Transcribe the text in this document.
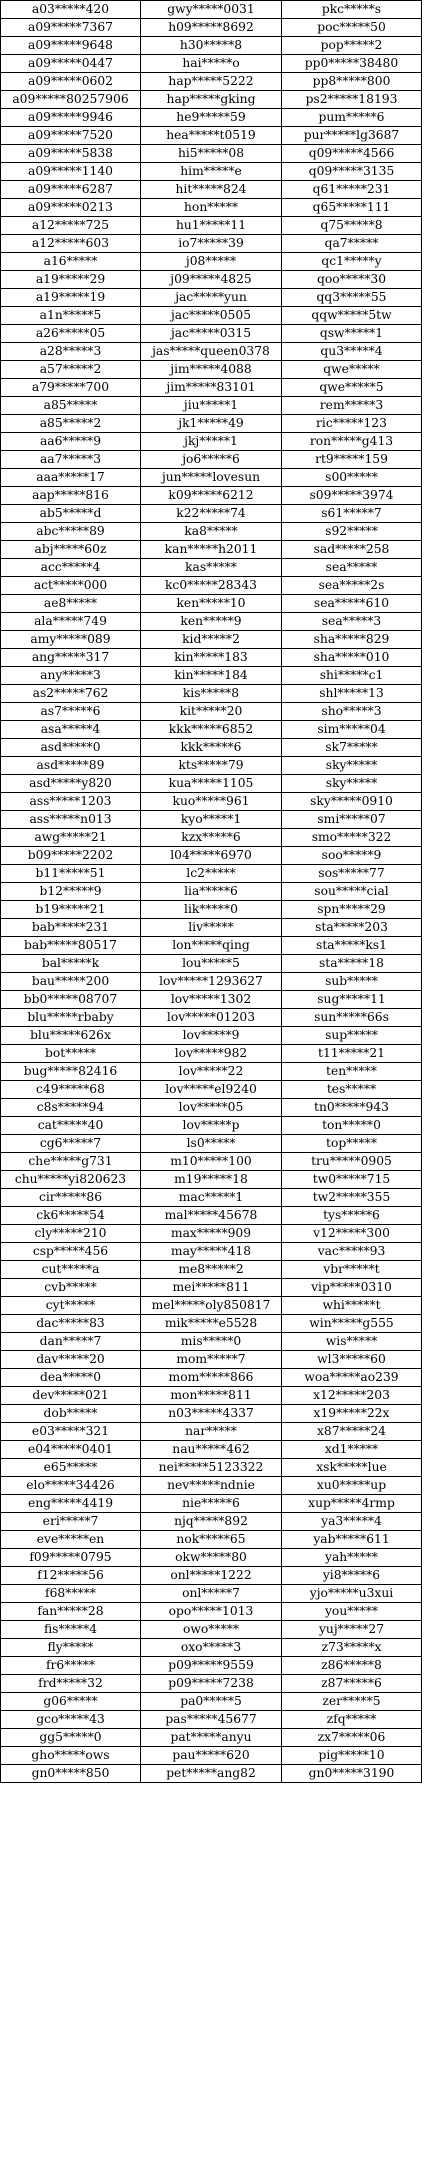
a03*****420	gwy*****0031	pkc*****s
a09*****7367	h09*****8692	poc*****50
a09*****9648	h30*****8	pop*****2
a09*****0447	hai*****o	pp0*****38480
a09*****0602	hap*****5222	pp8*****800
a09*****80257906	hap*****gking	ps2*****18193
a09*****9946	he9*****59	pum*****6
a09*****7520	hea*****t0519	pur*****lg3687
a09*****5838	hi5*****08	q09*****4566
a09*****1140	him*****e	q09*****3135
a09*****6287	hit*****824	q61*****231
a09*****0213	hon*****	q65*****111
a12*****725	hu1*****11	q75*****8
a12*****603	io7*****39	qa7*****
a16*****	j08*****	qc1*****y
a19*****29	j09*****4825	qoo*****30
a19*****19	jac*****yun	qq3*****55
a1n*****5	jac*****0505	qqw*****5tw
a26*****05	jac*****0315	qsw*****1
a28*****3	jas*****queen0378	qu3*****4
a57*****2	jim*****4088	qwe*****
a79*****700	jim*****83101	qwe*****5
a85*****	jiu*****1	rem*****3
a85*****2	jk1*****49	ric*****123
aa6*****9	jkj*****1	ron*****g413
aa7*****3	jo6*****6	rt9*****159
aaa*****17	jun*****lovesun	s00*****
aap*****816	k09*****6212	s09*****3974
ab5*****d	k22*****74	s61*****7
abc*****89	ka8*****	s92*****
abj*****60z	kan*****h2011	sad*****258
acc*****4	kas*****	sea*****
act*****000	kc0*****28343	sea*****2s
ae8*****	ken*****10	sea*****610
ala*****749	ken*****9	sea*****3
amy*****089	kid*****2	sha*****829
ang*****317	kin*****183	sha*****010
any*****3	kin*****184	shi*****c1
as2*****762	kis*****8	shl*****13
as7*****6	kit*****20	sho*****3
asa*****4	kkk*****6852	sim*****04
asd*****0	kkk*****6	sk7*****
asd*****89	kts*****79	sky*****
asd*****y820	kua*****1105	sky*****
ass*****1203	kuo*****961	sky*****0910
ass*****n013	kyo*****1	smi*****07
awg*****21	kzx*****6	smo*****322
b09*****2202	l04*****6970	soo*****9
b11*****51	lc2*****	sos*****77
b12*****9	lia*****6	sou*****cial
b19*****21	lik*****0	spn*****29
bab*****231	liv*****	sta*****203
bab*****80517	lon*****qing	sta*****ks1
bal*****k	lou*****5	sta*****18
bau*****200	lov*****1293627	sub*****
bb0*****08707	lov*****1302	sug*****11
blu*****rbaby	lov*****01203	sun*****66s
blu*****626x	lov*****9	sup*****
bot*****	lov*****982	t11*****21
bug*****82416	lov*****22	ten*****
c49*****68	lov*****el9240	tes*****
c8s*****94	lov*****05	tn0*****943
cat*****40	lov*****p	ton*****0
cg6*****7	ls0*****	top*****
che*****g731	m10*****100	tru*****0905
chu*****yi820623	m19*****18	tw0*****715
cir*****86	mac*****1	tw2*****355
ck6*****54	mal*****45678	tys*****6
cly*****210	max*****909	v12*****300
csp*****456	may*****418	vac*****93
cut*****a	me8*****2	vbr*****t
cvb*****	mei*****811	vip*****0310
cyt*****	mel*****oly850817	whi*****t
dac*****83	mik*****e5528	win*****g555
dan*****7	mis*****0	wis*****
dav*****20	mom*****7	wl3*****60
dea*****0	mom*****866	woa*****ao239
dev*****021	mon*****811	x12*****203
dob*****	n03*****4337	x19*****22x
e03*****321	nar*****	x87*****24
e04*****0401	nau*****462	xd1*****
e65*****	nei*****5123322	xsk*****lue
elo*****34426	nev*****ndnie	xu0*****up
eng*****4419	nie*****6	xup*****4rmp
eri*****7	njq*****892	ya3*****4
eve*****en	nok*****65	yab*****611
f09*****0795	okw*****80	yah*****
f12*****56	onl*****1222	yi8*****6
f68*****	onl*****7	yjo*****u3xui
fan*****28	opo*****1013	you*****
fis*****4	owo*****	yuj*****27
fly*****	oxo*****3	z73*****x
fr6*****	p09*****9559	z86*****8
frd*****32	p09*****7238	z87*****6
g06*****	pa0*****5	zer*****5
gco*****43	pas*****45677	zfq*****
gg5*****0	pat*****anyu	zx7*****06
gho*****ows	pau*****620	pig*****10
gn0*****850	pet*****ang82	gn0*****3190
